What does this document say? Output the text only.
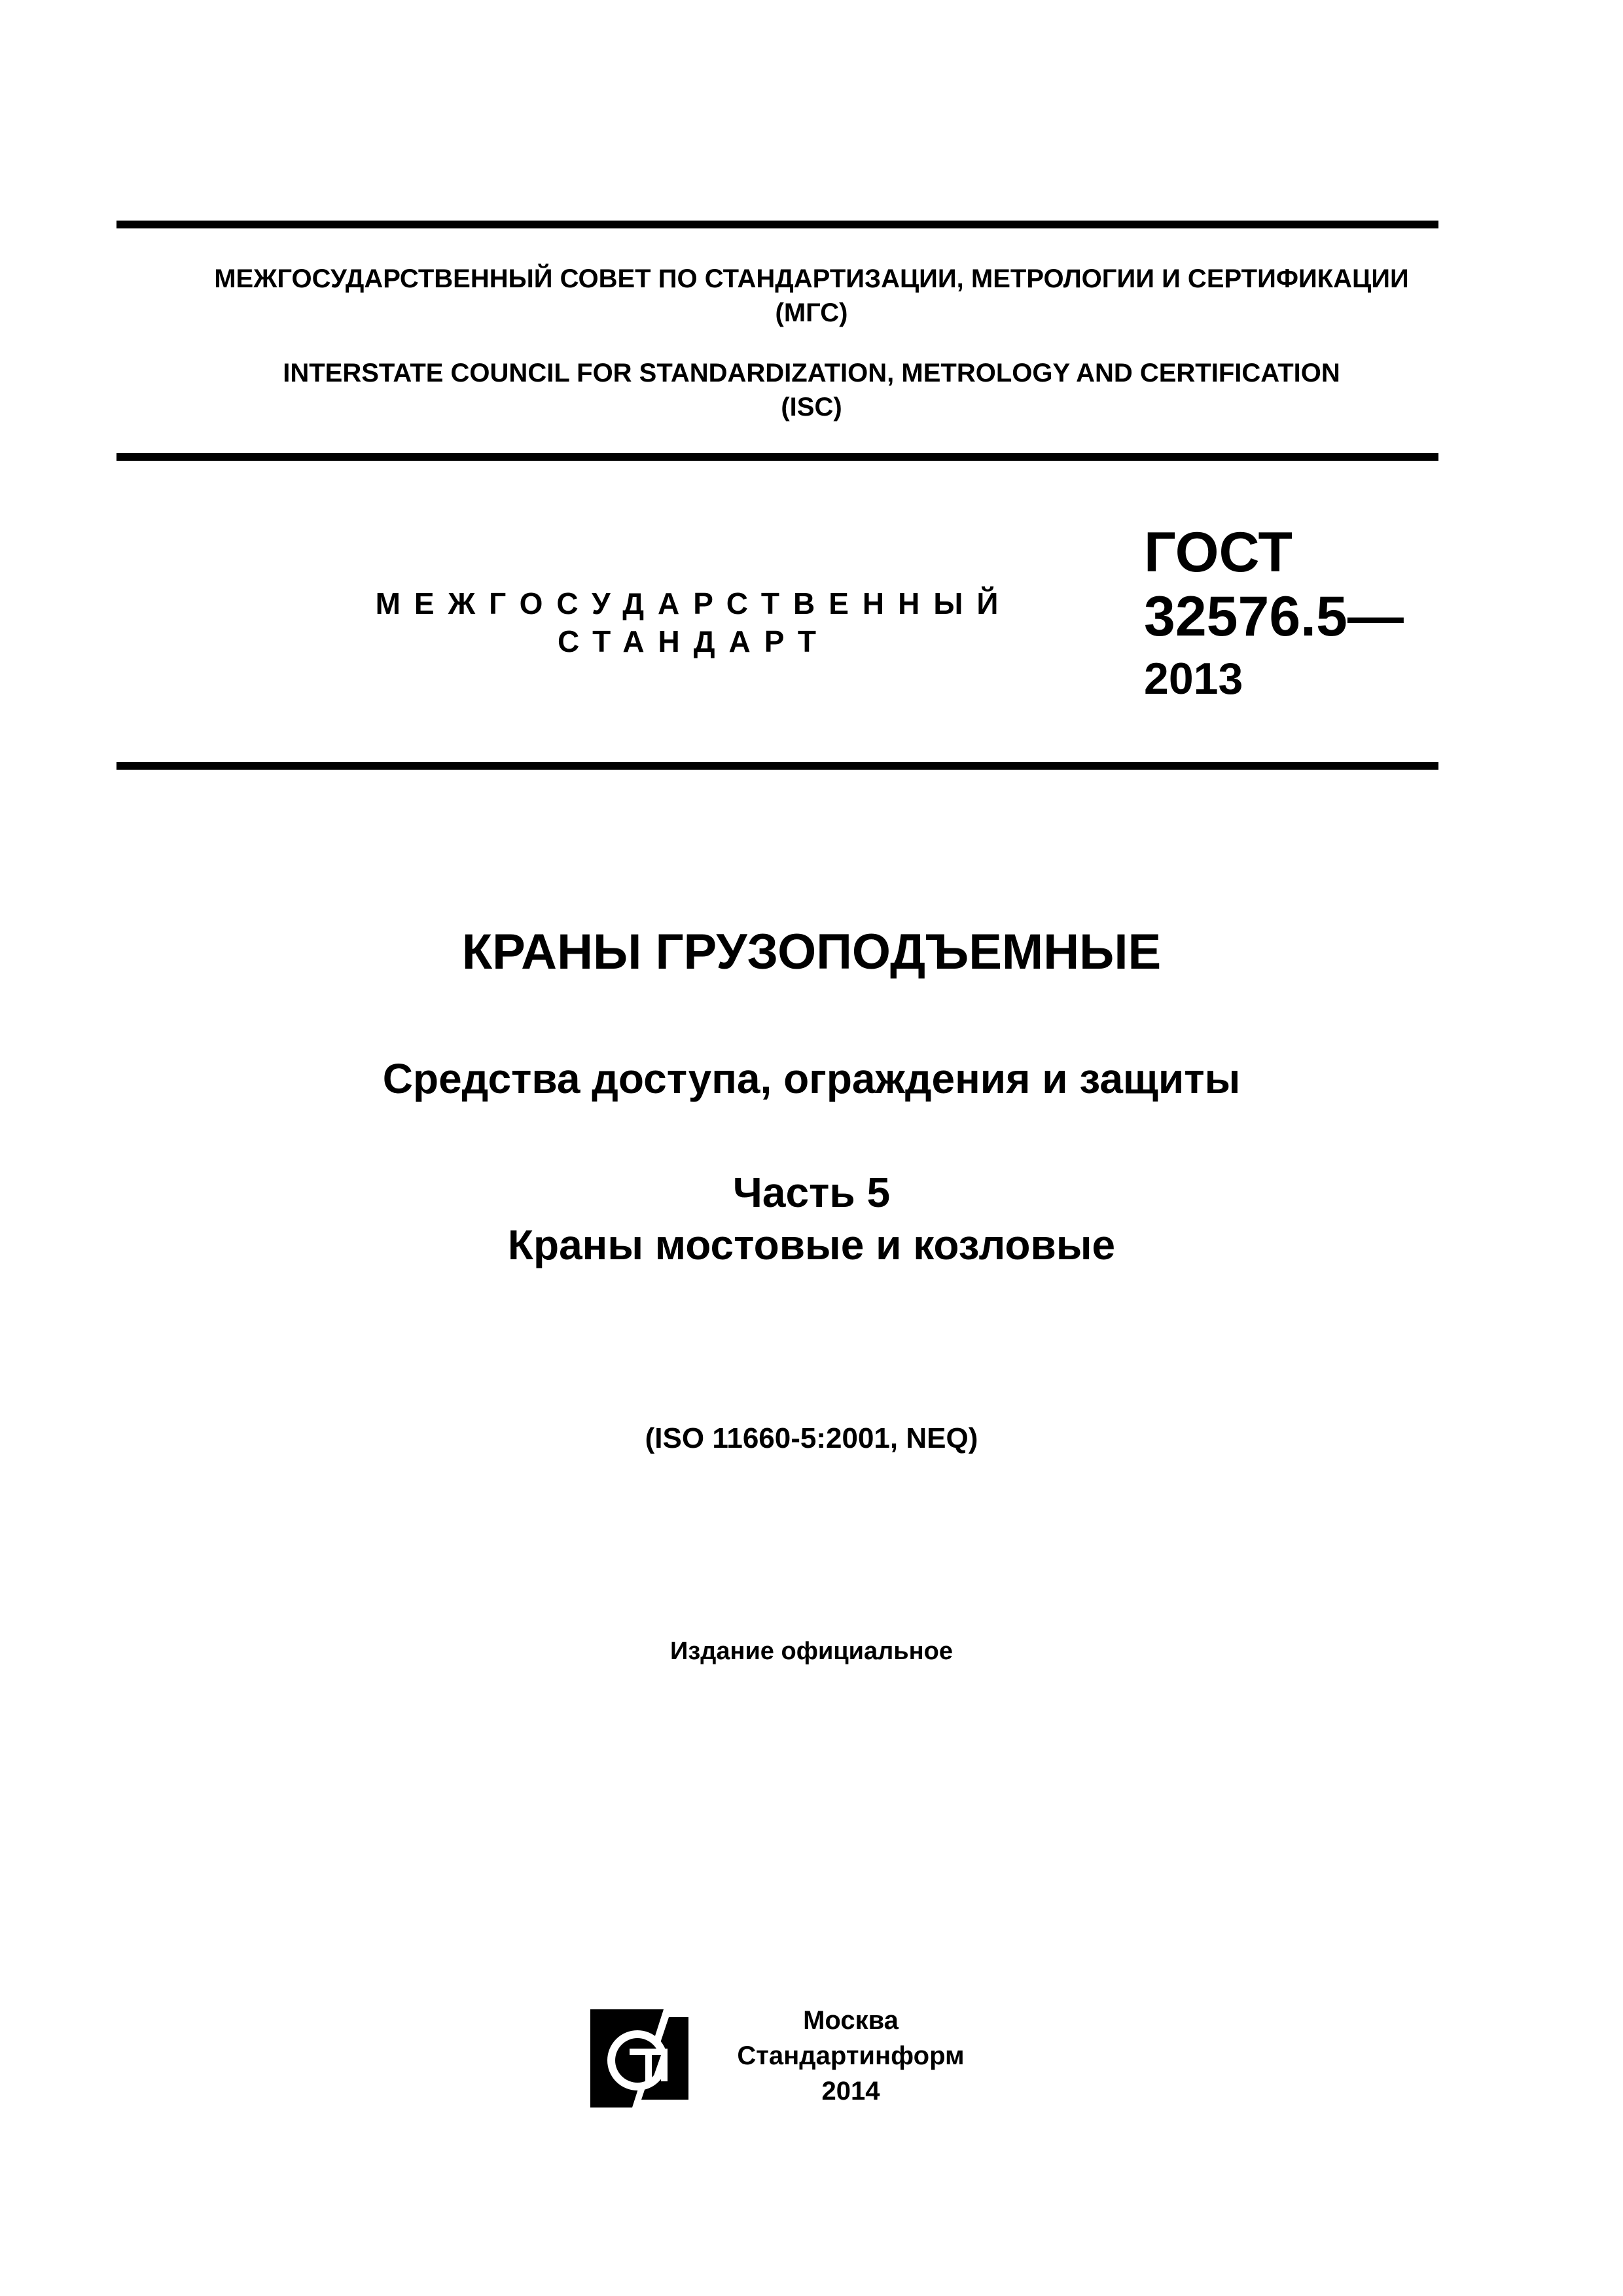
МЕЖГОСУДАРСТВЕННЫЙ СОВЕТ ПО СТАНДАРТИЗАЦИИ, МЕТРОЛОГИИ И СЕРТИФИКАЦИИ
(МГС)
INTERSTATE COUNCIL FOR STANDARDIZATION, METROLOGY AND CERTIFICATION
(ISC)
МЕЖГОСУДАРСТВЕННЫЙ
СТАНДАРТ
ГОСТ
32576.5—
2013
КРАНЫ ГРУЗОПОДЪЕМНЫЕ
Средства доступа, ограждения и защиты
Часть 5
Краны мостовые и козловые
(ISO 11660-5:2001, NEQ)
Издание официальное
Москва
Стандартинформ
2014
